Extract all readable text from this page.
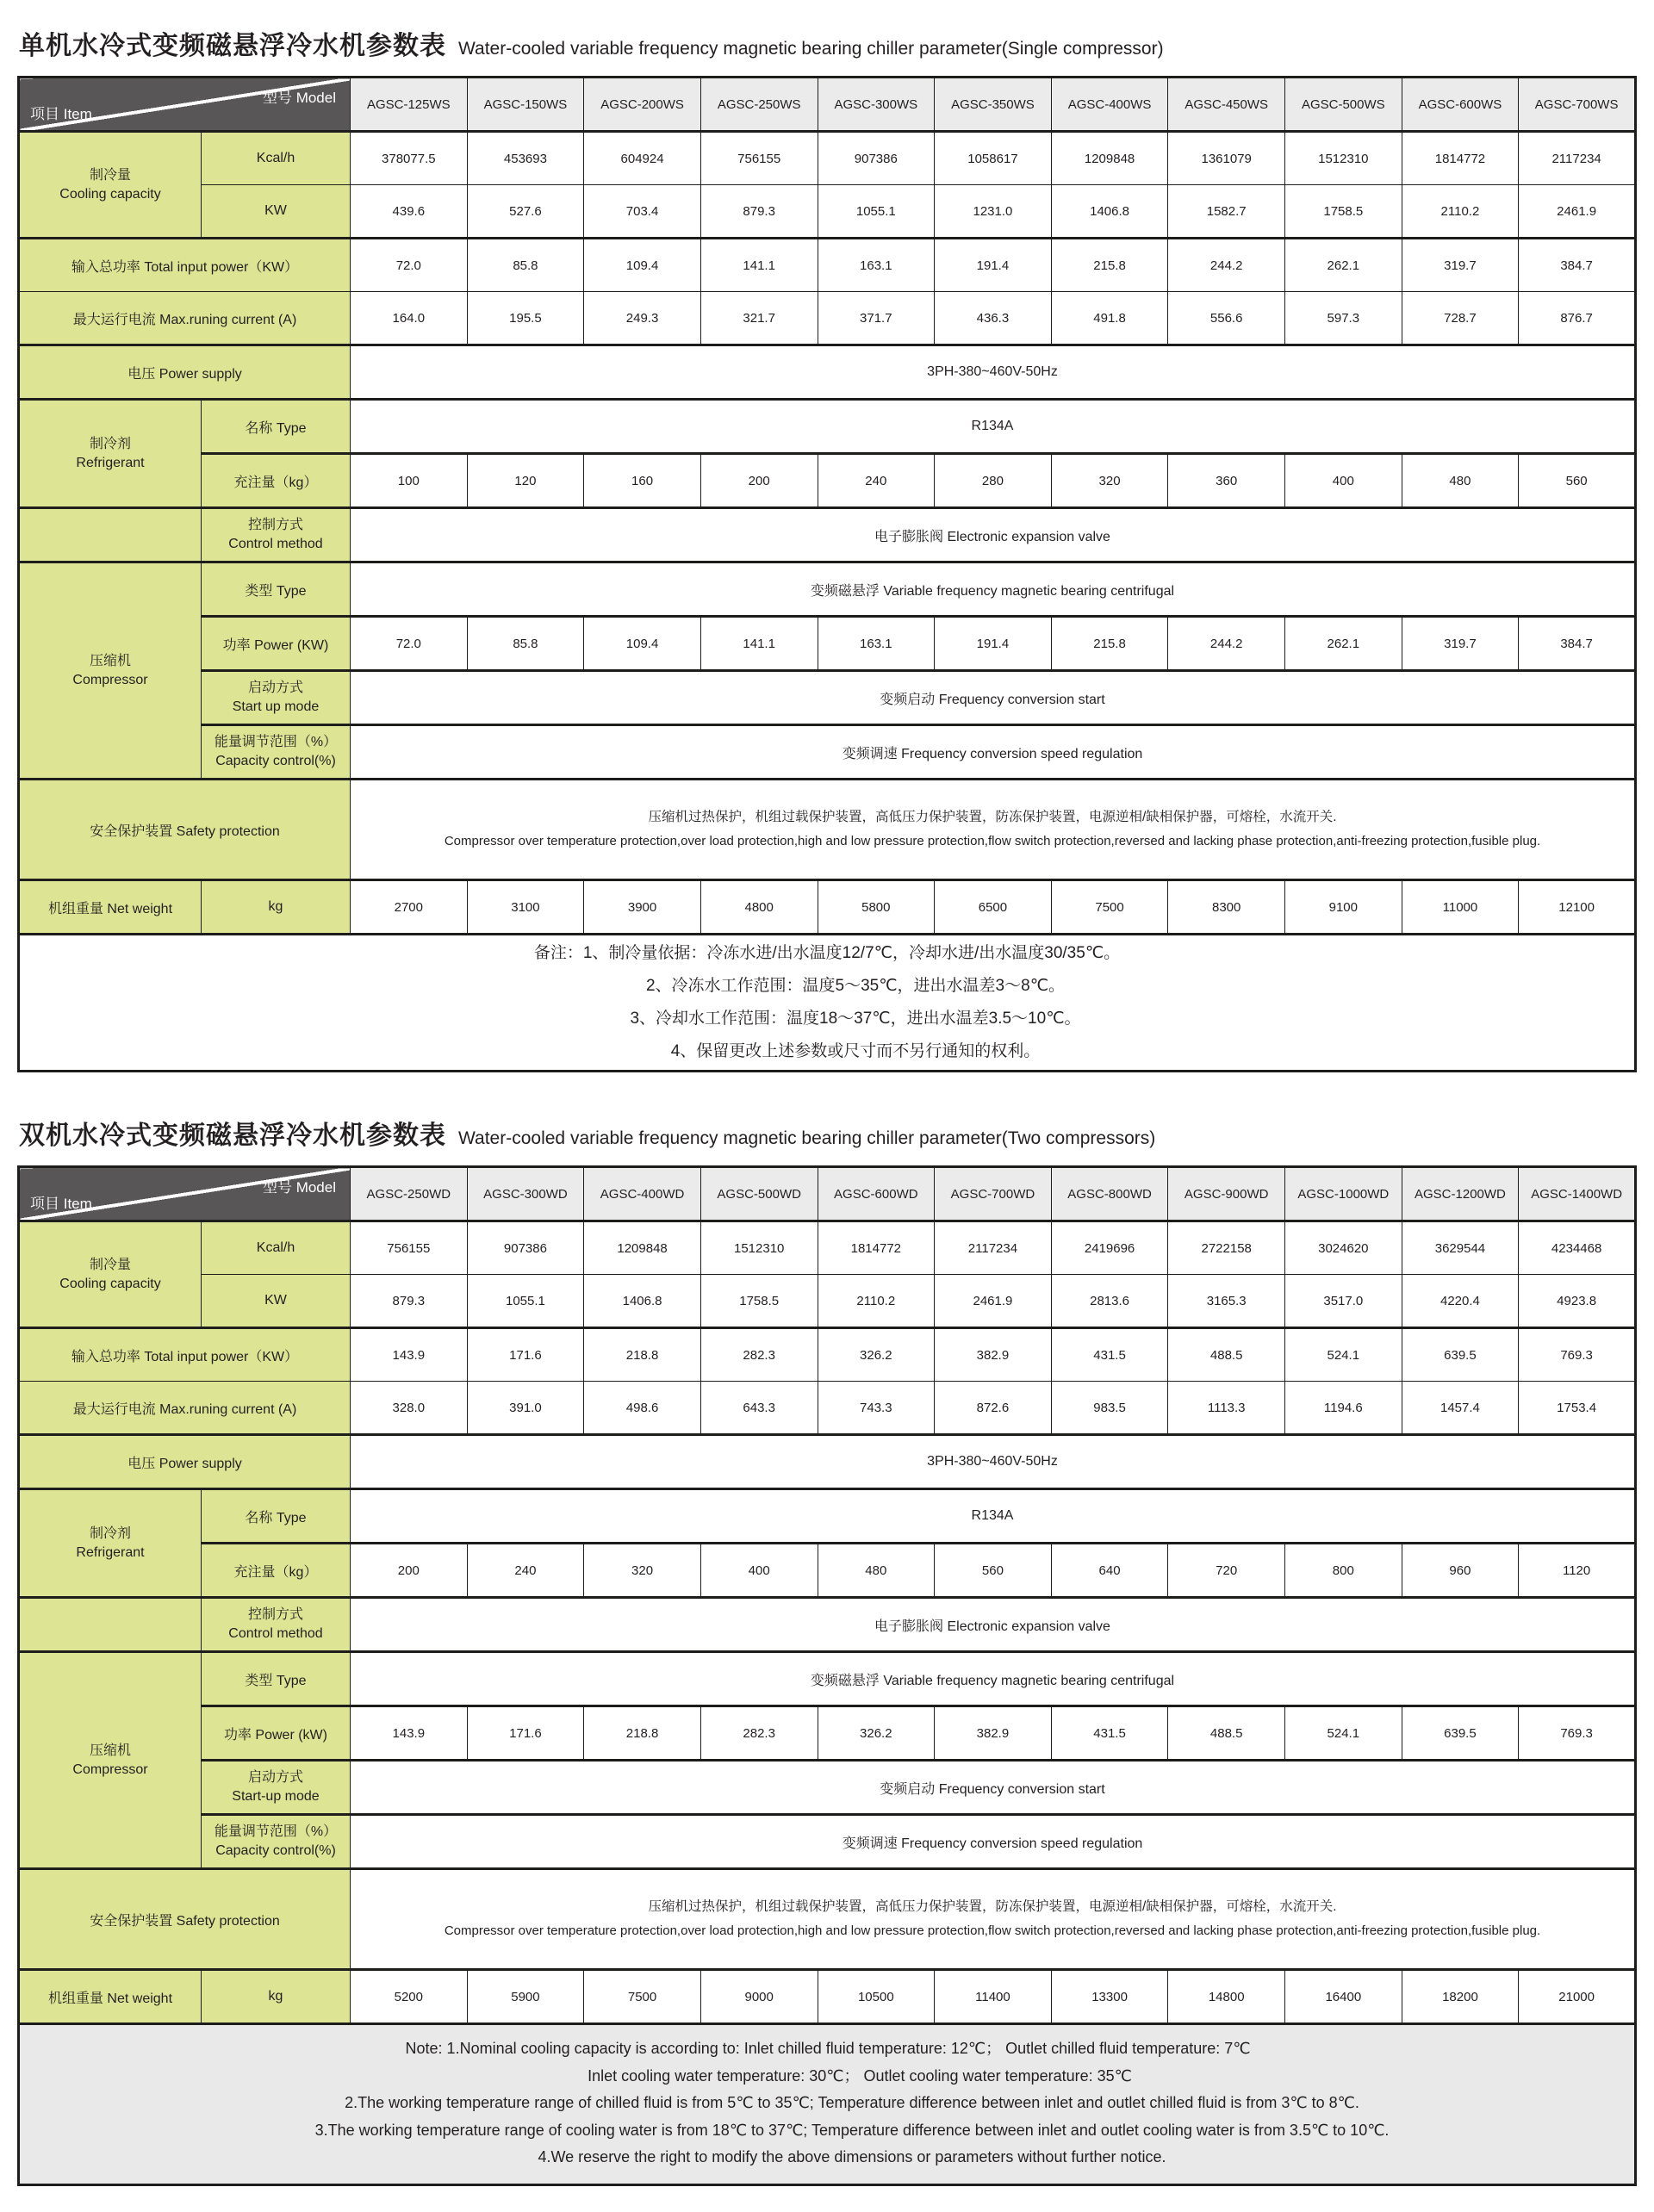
单机水冷式变频磁悬浮冷水机参数表 Water-cooled variable frequency magnetic bearing chiller parameter(Single compressor)
型号 Model
项目 Item		AGSC-125WS	AGSC-150WS	AGSC-200WS	AGSC-250WS	AGSC-300WS	AGSC-350WS	AGSC-400WS	AGSC-450WS	AGSC-500WS	AGSC-600WS	AGSC-700WS

制冷量
Cooling capacity	Kcal/h	378077.5	453693	604924	756155	907386	1058617	1209848	1361079	1512310	1814772	2117234
	KW	439.6	527.6	703.4	879.3	1055.1	1231.0	1406.8	1582.7	1758.5	2110.2	2461.9
输入总功率 Total input power（KW）		72.0	85.8	109.4	141.1	163.1	191.4	215.8	244.2	262.1	319.7	384.7
最大运行电流 Max.runing current (A)		164.0	195.5	249.3	321.7	371.7	436.3	491.8	556.6	597.3	728.7	876.7
电压 Power supply		3PH-380~460V-50Hz										

制冷剂
Refrigerant	名称 Type	R134A										
	充注量（kg）	100	120	160	200	240	280	320	360	400	480	560

	控制方式
Control method	电子膨胀阀 Electronic expansion valve										

压缩机
Compressor	类型 Type	变频磁悬浮 Variable frequency magnetic bearing centrifugal										
	功率 Power (KW)	72.0	85.8	109.4	141.1	163.1	191.4	215.8	244.2	262.1	319.7	384.7

	启动方式
Start up mode	变频启动 Frequency conversion start										

	能量调节范围（%）
Capacity control(%)	变频调速 Frequency conversion speed regulation										
安全保护装置 Safety protection		压缩机过热保护，机组过载保护装置，高低压力保护装置，防冻保护装置，电源逆相/缺相保护器，可熔栓，水流开关.
Compressor over temperature protection,over load protection,high and low pressure protection,flow switch protection,reversed and lacking phase protection,anti-freezing protection,fusible plug.										

机组重量 Net weight	kg	2700	3100	3900	4800	5800	6500	7500	8300	9100	11000	12100

备注：1、制冷量依据：冷冻水进/出水温度12/7℃，冷却水进/出水温度30/35℃。
2、冷冻水工作范围：温度5～35℃，进出水温差3～8℃。
3、冷却水工作范围：温度18～37℃，进出水温差3.5～10℃。
4、保留更改上述参数或尺寸而不另行通知的权利。												
双机水冷式变频磁悬浮冷水机参数表 Water-cooled variable frequency magnetic bearing chiller parameter(Two compressors)
型号 Model
项目 Item		AGSC-250WD	AGSC-300WD	AGSC-400WD	AGSC-500WD	AGSC-600WD	AGSC-700WD	AGSC-800WD	AGSC-900WD	AGSC-1000WD	AGSC-1200WD	AGSC-1400WD

制冷量
Cooling capacity	Kcal/h	756155	907386	1209848	1512310	1814772	2117234	2419696	2722158	3024620	3629544	4234468
	KW	879.3	1055.1	1406.8	1758.5	2110.2	2461.9	2813.6	3165.3	3517.0	4220.4	4923.8
输入总功率 Total input power（KW）		143.9	171.6	218.8	282.3	326.2	382.9	431.5	488.5	524.1	639.5	769.3
最大运行电流 Max.runing current (A)		328.0	391.0	498.6	643.3	743.3	872.6	983.5	1113.3	1194.6	1457.4	1753.4
电压 Power supply		3PH-380~460V-50Hz										

制冷剂
Refrigerant	名称 Type	R134A										
	充注量（kg）	200	240	320	400	480	560	640	720	800	960	1120

	控制方式
Control method	电子膨胀阀 Electronic expansion valve										

压缩机
Compressor	类型 Type	变频磁悬浮 Variable frequency magnetic bearing centrifugal										
	功率 Power (kW)	143.9	171.6	218.8	282.3	326.2	382.9	431.5	488.5	524.1	639.5	769.3

	启动方式
Start-up mode	变频启动 Frequency conversion start										

	能量调节范围（%）
Capacity control(%)	变频调速 Frequency conversion speed regulation										
安全保护装置 Safety protection		压缩机过热保护，机组过载保护装置，高低压力保护装置，防冻保护装置，电源逆相/缺相保护器，可熔栓，水流开关.
Compressor over temperature protection,over load protection,high and low pressure protection,flow switch protection,reversed and lacking phase protection,anti-freezing protection,fusible plug.										

机组重量 Net weight	kg	5200	5900	7500	9000	10500	11400	13300	14800	16400	18200	21000

Note: 1.Nominal cooling capacity is according to: Inlet chilled fluid temperature: 12℃； Outlet chilled fluid temperature: 7℃
Inlet cooling water temperature: 30℃； Outlet cooling water temperature: 35℃
2.The working temperature range of chilled fluid is from 5℃ to 35℃; Temperature difference between inlet and outlet chilled fluid is from 3℃ to 8℃.
3.The working temperature range of cooling water is from 18℃ to 37℃; Temperature difference between inlet and outlet cooling water is from 3.5℃ to 10℃.
4.We reserve the right to modify the above dimensions or parameters without further notice.												
